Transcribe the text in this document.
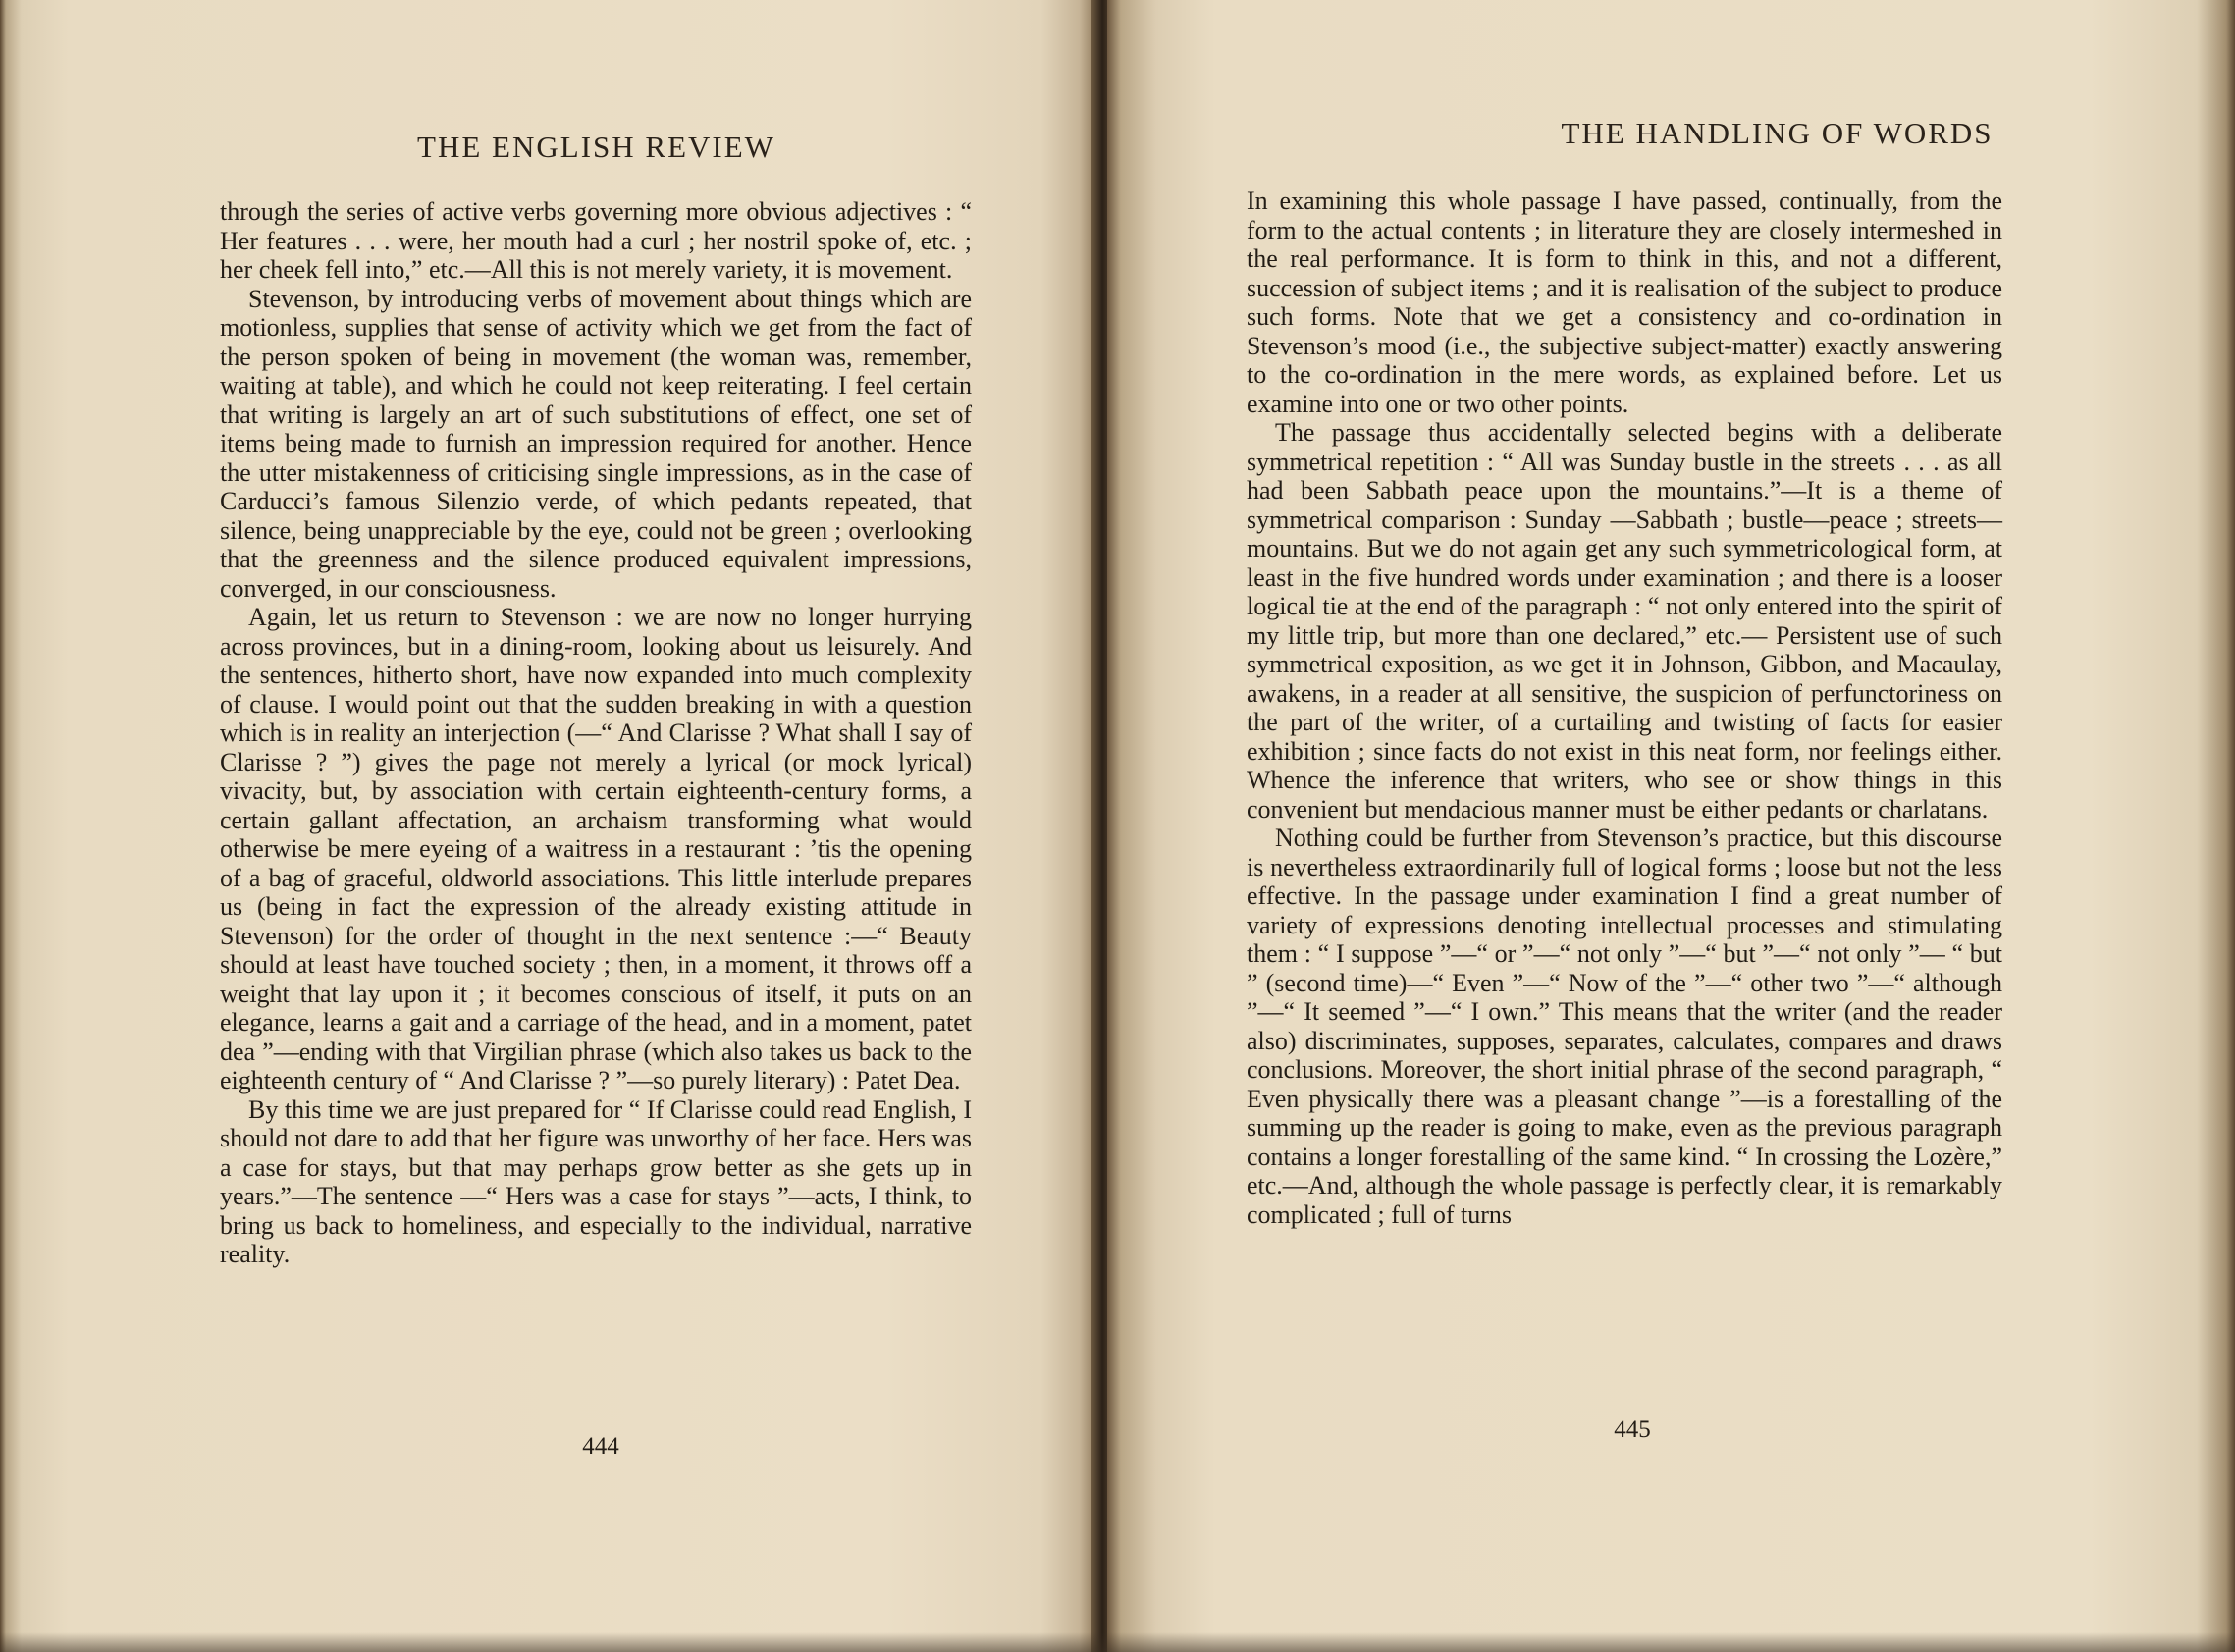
THE ENGLISH REVIEW

through the series of active verbs governing more obvious adjectives : “ Her features . . . were, her mouth had a curl ; her nostril spoke of, etc. ; her cheek fell into,” etc.—All this is not merely variety, it is movement.

Stevenson, by introducing verbs of movement about things which are motionless, supplies that sense of activity which we get from the fact of the person spoken of being in movement (the woman was, remember, waiting at table), and which he could not keep reiterating. I feel certain that writing is largely an art of such substitutions of effect, one set of items being made to furnish an impression required for another. Hence the utter mistakenness of criticising single impressions, as in the case of Carducci’s famous Silenzio verde, of which pedants repeated, that silence, being unappreciable by the eye, could not be green ; overlooking that the greenness and the silence produced equivalent impressions, converged, in our consciousness.

Again, let us return to Stevenson : we are now no longer hurrying across provinces, but in a dining-room, looking about us leisurely. And the sentences, hitherto short, have now expanded into much complexity of clause. I would point out that the sudden breaking in with a question which is in reality an interjection (—“ And Clarisse ? What shall I say of Clarisse ? ”) gives the page not merely a lyrical (or mock lyrical) vivacity, but, by association with certain eighteenth-century forms, a certain gallant affectation, an archaism transforming what would otherwise be mere eyeing of a waitress in a restaurant : ’tis the opening of a bag of graceful, oldworld associations. This little interlude prepares us (being in fact the expression of the already existing attitude in Stevenson) for the order of thought in the next sentence :—“ Beauty should at least have touched society ; then, in a moment, it throws off a weight that lay upon it ; it becomes conscious of itself, it puts on an elegance, learns a gait and a carriage of the head, and in a moment, patet dea ”—ending with that Virgilian phrase (which also takes us back to the eighteenth century of “ And Clarisse ? ”—so purely literary) : Patet Dea.

By this time we are just prepared for “ If Clarisse could read English, I should not dare to add that her figure was unworthy of her face. Hers was a case for stays, but that may perhaps grow better as she gets up in years.”—The sentence —“ Hers was a case for stays ”—acts, I think, to bring us back to homeliness, and especially to the individual, narrative reality.

444
THE HANDLING OF WORDS

In examining this whole passage I have passed, continually, from the form to the actual contents ; in literature they are closely intermeshed in the real performance. It is form to think in this, and not a different, succession of subject items ; and it is realisation of the subject to produce such forms. Note that we get a consistency and co-ordination in Stevenson’s mood (i.e., the subjective subject-matter) exactly answering to the co-ordination in the mere words, as explained before. Let us examine into one or two other points.

The passage thus accidentally selected begins with a deliberate symmetrical repetition : “ All was Sunday bustle in the streets . . . as all had been Sabbath peace upon the mountains.”—It is a theme of symmetrical comparison : Sunday —Sabbath ; bustle—peace ; streets—mountains. But we do not again get any such symmetricological form, at least in the five hundred words under examination ; and there is a looser logical tie at the end of the paragraph : “ not only entered into the spirit of my little trip, but more than one declared,” etc.— Persistent use of such symmetrical exposition, as we get it in Johnson, Gibbon, and Macaulay, awakens, in a reader at all sensitive, the suspicion of perfunctoriness on the part of the writer, of a curtailing and twisting of facts for easier exhibition ; since facts do not exist in this neat form, nor feelings either. Whence the inference that writers, who see or show things in this convenient but mendacious manner must be either pedants or charlatans.

Nothing could be further from Stevenson’s practice, but this discourse is nevertheless extraordinarily full of logical forms ; loose but not the less effective. In the passage under examination I find a great number of variety of expressions denoting intellectual processes and stimulating them : “ I suppose ”—“ or ”—“ not only ”—“ but ”—“ not only ”— “ but ” (second time)—“ Even ”—“ Now of the ”—“ other two ”—“ although ”—“ It seemed ”—“ I own.” This means that the writer (and the reader also) discriminates, supposes, separates, calculates, compares and draws conclusions. Moreover, the short initial phrase of the second paragraph, “ Even physically there was a pleasant change ”—is a forestalling of the summing up the reader is going to make, even as the previous paragraph contains a longer forestalling of the same kind. “ In crossing the Lozère,” etc.—And, although the whole passage is perfectly clear, it is remarkably complicated ; full of turns

445
